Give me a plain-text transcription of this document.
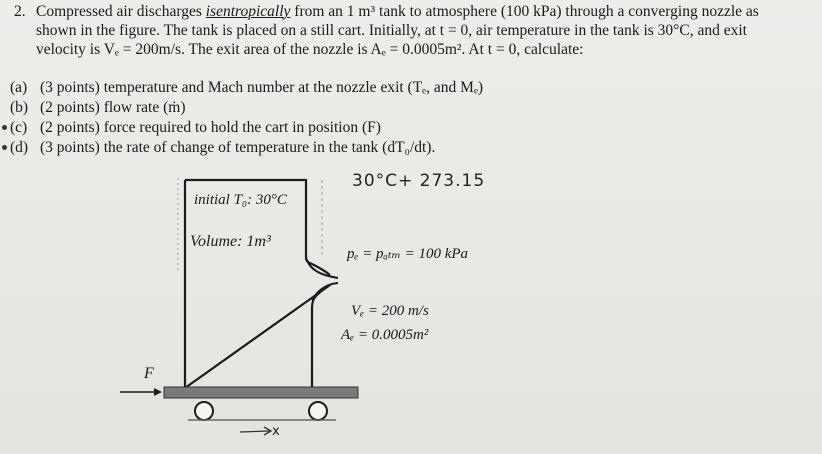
2. Compressed air discharges isentropically from an 1 m³ tank to atmosphere (100 kPa) through a converging nozzle as
shown in the figure. The tank is placed on a still cart. Initially, at t = 0, air temperature in the tank is 30°C, and exit
velocity is Vₑ = 200m/s. The exit area of the nozzle is Aₑ = 0.0005m². At t = 0, calculate:
(a) (3 points) temperature and Mach number at the nozzle exit (Tₑ, and Mₑ)
(b) (2 points) flow rate (ṁ)
(c) (2 points) force required to hold the cart in position (F)
(d) (3 points) the rate of change of temperature in the tank (dT₀/dt).
30°C+ 273.15
initial T₀: 30°C
Volume: 1m³
pₑ = pₐₜₘ = 100 kPa
Vₑ = 200 m/s
Aₑ = 0.0005m²
F
x
